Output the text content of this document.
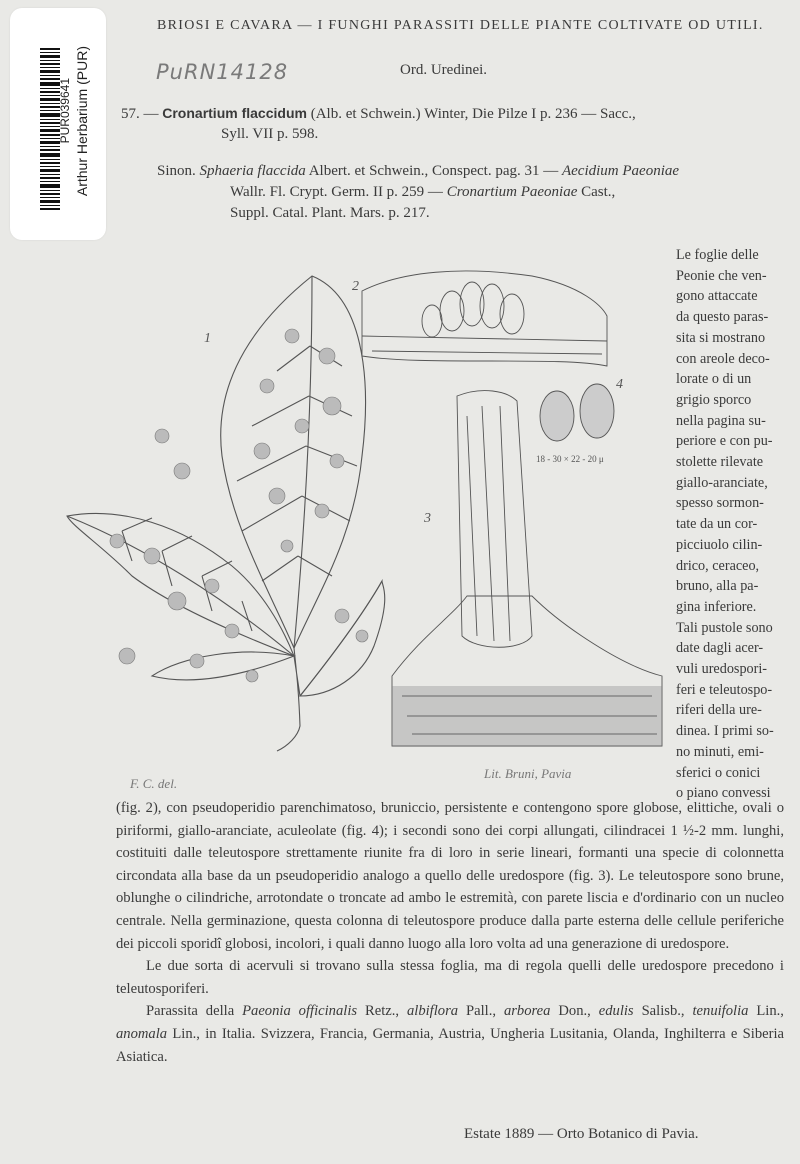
Arthur Herbarium (PUR)
PUR039641
BRIOSI E CAVARA — I FUNGHI PARASSITI DELLE PIANTE COLTIVATE OD UTILI.
PuRN14128	Ord. Uredinei.
57. — Cronartium flaccidum (Alb. et Schwein.) Winter, Die Pilze I p. 236 — Sacc.,
Syll. VII p. 598.
Sinon. Sphaeria flaccida Albert. et Schwein., Conspect. pag. 31 — Aecidium Paeoniae
Wallr. Fl. Crypt. Germ. II p. 259 — Cronartium Paeoniae Cast.,
Suppl. Catal. Plant. Mars. p. 217.
1
2
3
4
18 - 30 × 22 - 20 μ
F. C. del.
Lit. Bruni, Pavia
Le foglie delle
Peonie che ven-
gono attaccate
da questo paras-
sita si mostrano
con areole deco-
lorate o di un
grigio sporco
nella pagina su-
periore e con pu-
stolette rilevate
giallo-aranciate,
spesso sormon-
tate da un cor-
picciuolo cilin-
drico, ceraceo,
bruno, alla pa-
gina inferiore.
Tali pustole sono
date dagli acer-
vuli uredospori-
feri e teleutospo-
riferi della ure-
dinea. I primi so-
no minuti, emi-
sferici o conici
o piano convessi

(fig. 2), con pseudoperidio parenchimatoso, bruniccio, persistente e contengono spore globose, elittiche, ovali o piriformi, giallo-aranciate, aculeolate (fig. 4); i secondi sono dei corpi allungati, cilindracei 1 ½-2 mm. lunghi, costituiti dalle teleutospore strettamente riunite fra di loro in serie lineari, formanti una specie di colonnetta circondata alla base da un pseudoperidio analogo a quello delle uredospore (fig. 3). Le teleutospore sono brune, oblunghe o cilindriche, arrotondate o troncate ad ambo le estremità, con parete liscia e d'ordinario con un nucleo centrale. Nella germinazione, questa colonna di teleutospore produce dalla parte esterna delle cellule periferiche dei piccoli sporidî globosi, incolori, i quali danno luogo alla loro volta ad una generazione di uredospore.

Le due sorta di acervuli si trovano sulla stessa foglia, ma di regola quelli delle uredospore precedono i teleutosporiferi.

Parassita della Paeonia officinalis Retz., albiflora Pall., arborea Don., edulis Salisb., tenuifolia Lin., anomala Lin., in Italia. Svizzera, Francia, Germania, Austria, Ungheria Lusitania, Olanda, Inghilterra e Siberia Asiatica.

Estate 1889 — Orto Botanico di Pavia.
